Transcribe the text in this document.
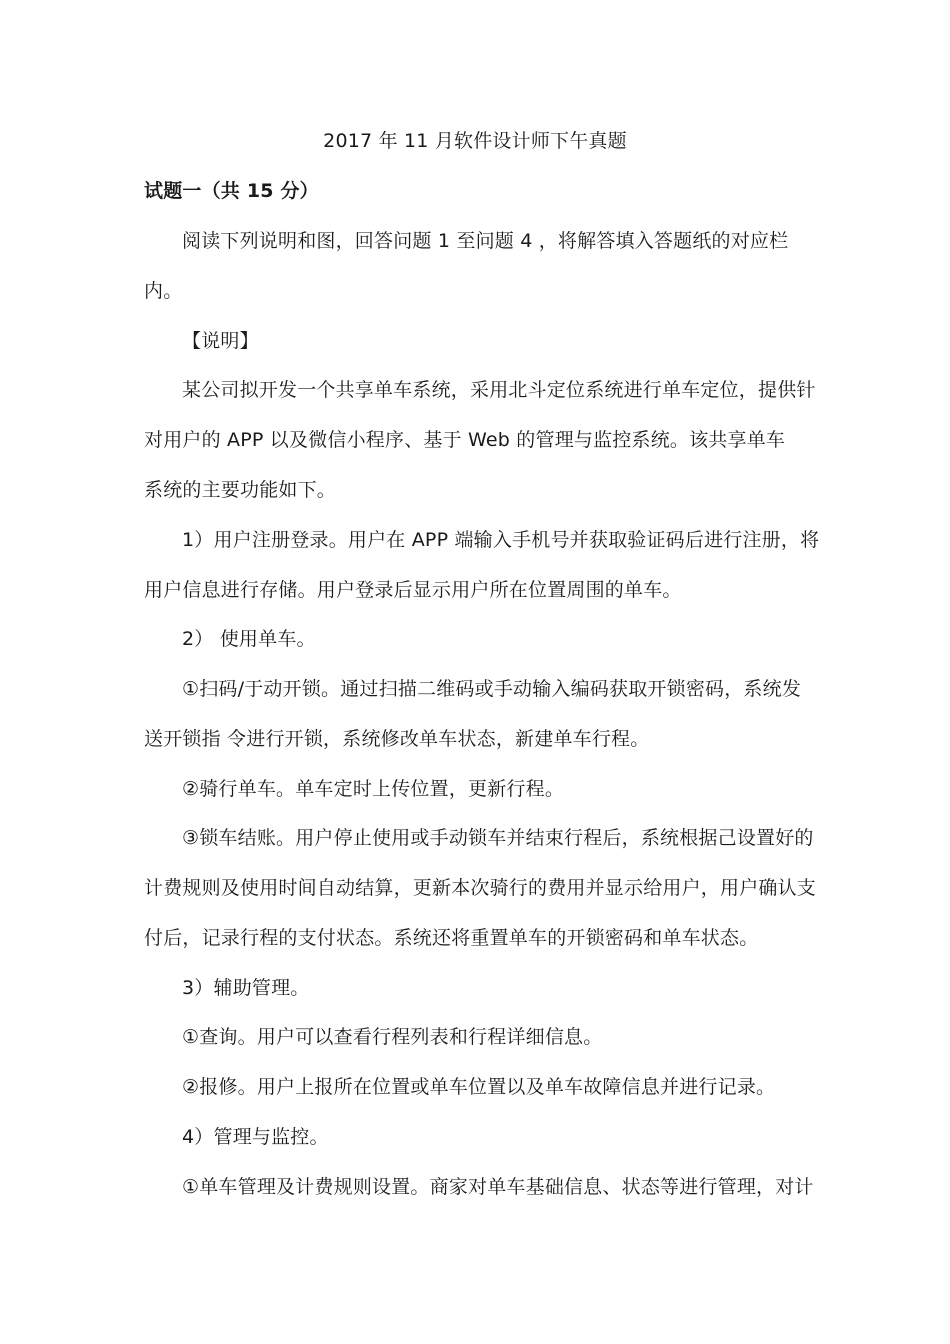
2017 年 11 月软件设计师下午真题
试题一（共 15 分）
阅读下列说明和图，回答问题 1 至问题 4 ，将解答填入答题纸的对应栏
内。
【说明】
某公司拟开发一个共享单车系统，采用北斗定位系统进行单车定位，提供针
对用户的 APP 以及微信小程序、基于 Web 的管理与监控系统。该共享单车
系统的主要功能如下。
1）用户注册登录。用户在 APP 端输入手机号并获取验证码后进行注册，将
用户信息进行存储。用户登录后显示用户所在位置周围的单车。
2） 使用单车。
①扫码/于动开锁。通过扫描二维码或手动输入编码获取开锁密码，系统发
送开锁指 令进行开锁，系统修改单车状态，新建单车行程。
②骑行单车。单车定时上传位置，更新行程。
③锁车结账。用户停止使用或手动锁车并结束行程后，系统根据己设置好的
计费规则及使用时间自动结算，更新本次骑行的费用并显示给用户，用户确认支
付后，记录行程的支付状态。系统还将重置单车的开锁密码和单车状态。
3）辅助管理。
①查询。用户可以查看行程列表和行程详细信息。
②报修。用户上报所在位置或单车位置以及单车故障信息并进行记录。
4）管理与监控。
①单车管理及计费规则设置。商家对单车基础信息、状态等进行管理，对计
